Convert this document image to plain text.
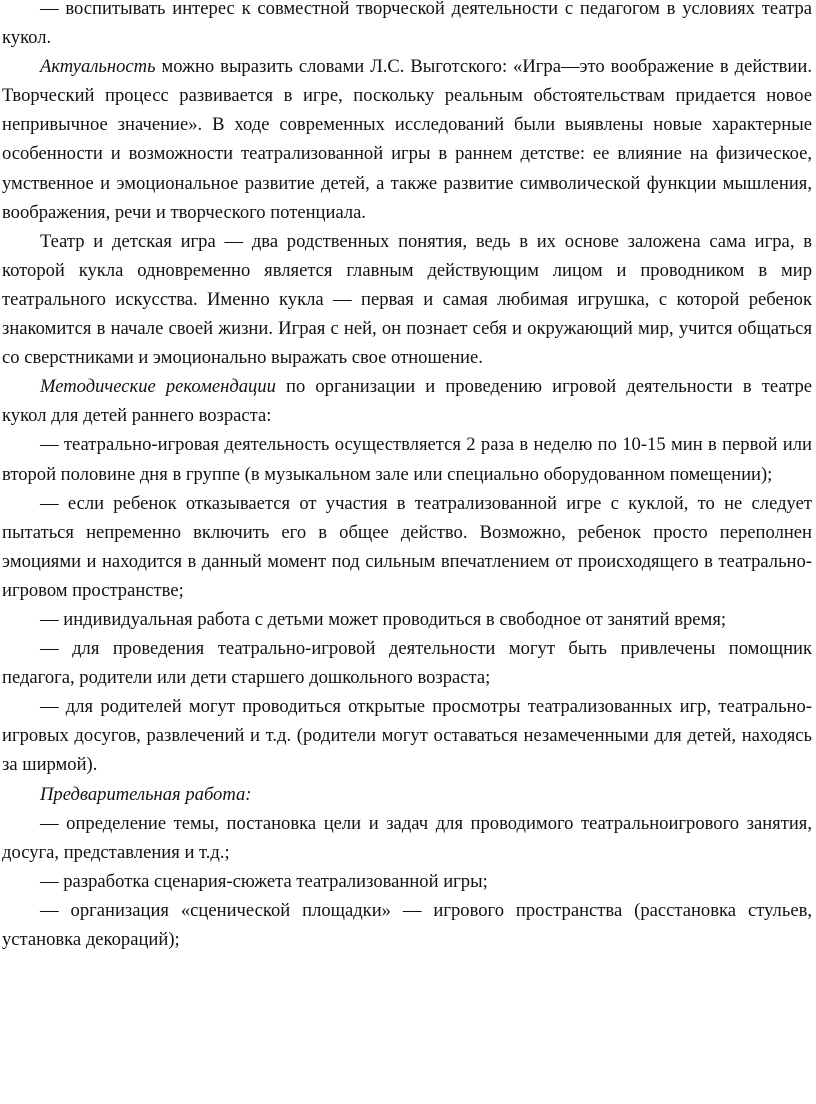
— воспитывать интерес к совместной творческой деятельности с педагогом в условиях театра кукол.

Актуальность можно выразить словами Л.С. Выготского: «Игра—это воображение в действии. Творческий процесс развивается в игре, поскольку реальным обстоятельствам придается новое непривычное значение». В ходе современных исследований были выявлены новые характерные особенности и возможности театрализованной игры в раннем детстве: ее влияние на физическое, умственное и эмоциональное развитие детей, а также развитие символической функции мышления, воображения, речи и творческого потенциала.

Театр и детская игра — два родственных понятия, ведь в их основе заложена сама игра, в которой кукла одновременно является главным действующим лицом и проводником в мир театрального искусства. Именно кукла — первая и самая любимая игрушка, с которой ребенок знакомится в начале своей жизни. Играя с ней, он познает себя и окружающий мир, учится общаться со сверстниками и эмоционально выражать свое отношение.

Методические рекомендации по организации и проведению игровой деятельности в театре кукол для детей раннего возраста:

— театрально-игровая деятельность осуществляется 2 раза в неделю по 10-15 мин в первой или второй половине дня в группе (в музыкальном зале или специально оборудованном помещении);

— если ребенок отказывается от участия в театрализованной игре с куклой, то не следует пытаться непременно включить его в общее действо. Возможно, ребенок просто переполнен эмоциями и находится в данный момент под сильным впечатлением от происходящего в театрально-игровом пространстве;

— индивидуальная работа с детьми может проводиться в свободное от занятий время;

— для проведения театрально-игровой деятельности могут быть привлечены помощник педагога, родители или дети старшего дошкольного возраста;

— для родителей могут проводиться открытые просмотры театрализованных игр, театрально-игровых досугов, развлечений и т.д. (родители могут оставаться незамеченными для детей, находясь за ширмой).

Предварительная работа:

— определение темы, постановка цели и задач для проводимого театральноигрового занятия, досуга, представления и т.д.;

— разработка сценария-сюжета театрализованной игры;

— организация «сценической площадки» — игрового пространства (расстановка стульев, установка декораций);
